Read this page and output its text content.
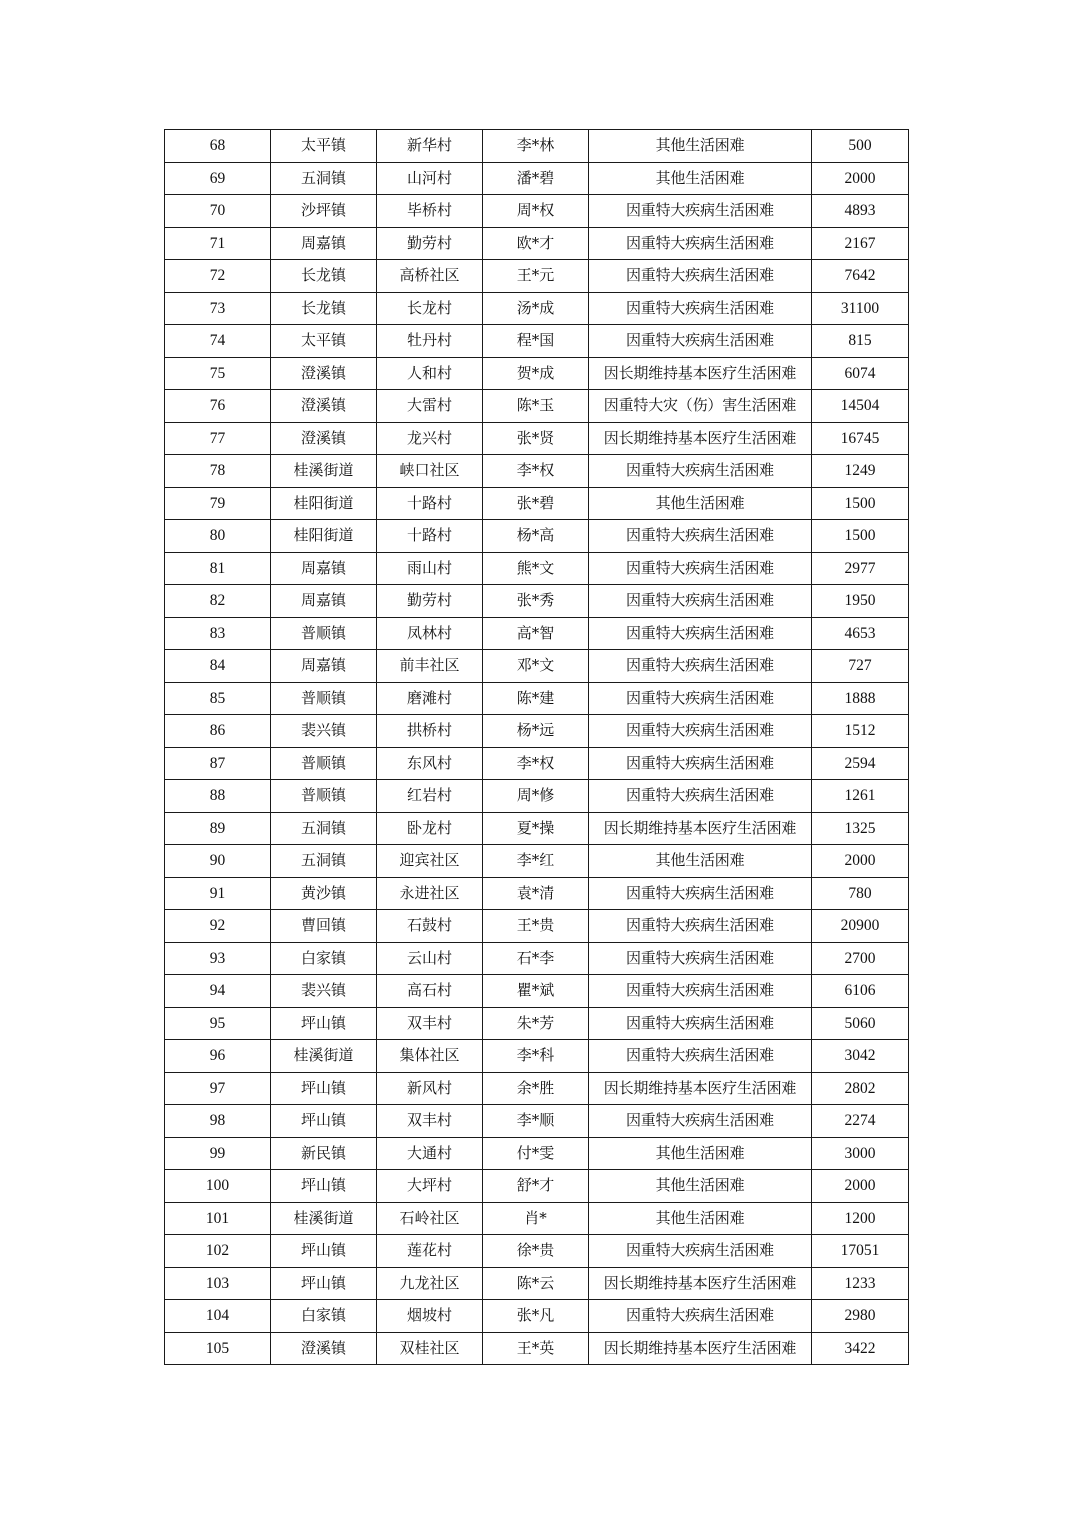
68	太平镇	新华村	李*林	其他生活困难	500
69	五洞镇	山河村	潘*碧	其他生活困难	2000
70	沙坪镇	毕桥村	周*权	因重特大疾病生活困难	4893
71	周嘉镇	勤劳村	欧*才	因重特大疾病生活困难	2167
72	长龙镇	高桥社区	王*元	因重特大疾病生活困难	7642
73	长龙镇	长龙村	汤*成	因重特大疾病生活困难	31100
74	太平镇	牡丹村	程*国	因重特大疾病生活困难	815
75	澄溪镇	人和村	贺*成	因长期维持基本医疗生活困难	6074
76	澄溪镇	大雷村	陈*玉	因重特大灾（伤）害生活困难	14504
77	澄溪镇	龙兴村	张*贤	因长期维持基本医疗生活困难	16745
78	桂溪街道	峡口社区	李*权	因重特大疾病生活困难	1249
79	桂阳街道	十路村	张*碧	其他生活困难	1500
80	桂阳街道	十路村	杨*高	因重特大疾病生活困难	1500
81	周嘉镇	雨山村	熊*文	因重特大疾病生活困难	2977
82	周嘉镇	勤劳村	张*秀	因重特大疾病生活困难	1950
83	普顺镇	凤林村	高*智	因重特大疾病生活困难	4653
84	周嘉镇	前丰社区	邓*文	因重特大疾病生活困难	727
85	普顺镇	磨滩村	陈*建	因重特大疾病生活困难	1888
86	裴兴镇	拱桥村	杨*远	因重特大疾病生活困难	1512
87	普顺镇	东风村	李*权	因重特大疾病生活困难	2594
88	普顺镇	红岩村	周*修	因重特大疾病生活困难	1261
89	五洞镇	卧龙村	夏*操	因长期维持基本医疗生活困难	1325
90	五洞镇	迎宾社区	李*红	其他生活困难	2000
91	黄沙镇	永进社区	袁*清	因重特大疾病生活困难	780
92	曹回镇	石鼓村	王*贵	因重特大疾病生活困难	20900
93	白家镇	云山村	石*李	因重特大疾病生活困难	2700
94	裴兴镇	高石村	瞿*斌	因重特大疾病生活困难	6106
95	坪山镇	双丰村	朱*芳	因重特大疾病生活困难	5060
96	桂溪街道	集体社区	李*科	因重特大疾病生活困难	3042
97	坪山镇	新风村	余*胜	因长期维持基本医疗生活困难	2802
98	坪山镇	双丰村	李*顺	因重特大疾病生活困难	2274
99	新民镇	大通村	付*雯	其他生活困难	3000
100	坪山镇	大坪村	舒*才	其他生活困难	2000
101	桂溪街道	石岭社区	肖*	其他生活困难	1200
102	坪山镇	莲花村	徐*贵	因重特大疾病生活困难	17051
103	坪山镇	九龙社区	陈*云	因长期维持基本医疗生活困难	1233
104	白家镇	烟坡村	张*凡	因重特大疾病生活困难	2980
105	澄溪镇	双桂社区	王*英	因长期维持基本医疗生活困难	3422
